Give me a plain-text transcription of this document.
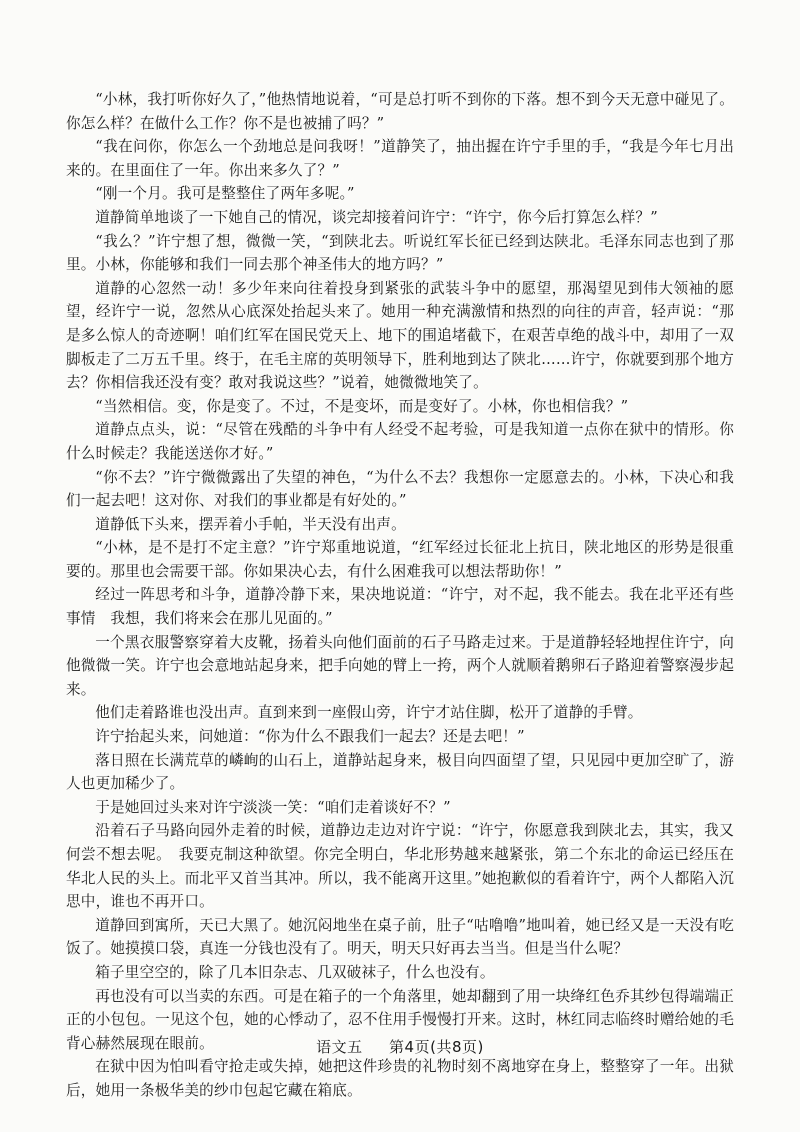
“小林，我打听你好久了，”他热情地说着，“可是总打听不到你的下落。想不到今天无意中碰见了。你怎么样？在做什么工作？你不是也被捕了吗？”

“我在问你，你怎么一个劲地总是问我呀！”道静笑了，抽出握在许宁手里的手，“我是今年七月出来的。在里面住了一年。你出来多久了？”

“刚一个月。我可是整整住了两年多呢。”

道静简单地谈了一下她自己的情况，谈完却接着问许宁：“许宁，你今后打算怎么样？”

“我么？”许宁想了想，微微一笑，“到陕北去。听说红军长征已经到达陕北。毛泽东同志也到了那里。小林，你能够和我们一同去那个神圣伟大的地方吗？”

道静的心忽然一动！多少年来向往着投身到紧张的武装斗争中的愿望，那渴望见到伟大领袖的愿望，经许宁一说，忽然从心底深处抬起头来了。她用一种充满激情和热烈的向往的声音，轻声说：“那是多么惊人的奇迹啊！咱们红军在国民党天上、地下的围追堵截下，在艰苦卓绝的战斗中，却用了一双脚板走了二万五千里。终于，在毛主席的英明领导下，胜利地到达了陕北……许宁，你就要到那个地方去？你相信我还没有变？敢对我说这些？”说着，她微微地笑了。

“当然相信。变，你是变了。不过，不是变坏，而是变好了。小林，你也相信我？”

道静点点头，说：“尽管在残酷的斗争中有人经受不起考验，可是我知道一点你在狱中的情形。你什么时候走？我能送送你才好。”

“你不去？”许宁微微露出了失望的神色，“为什么不去？我想你一定愿意去的。小林，下决心和我们一起去吧！这对你、对我们的事业都是有好处的。”

道静低下头来，摆弄着小手帕，半天没有出声。

“小林，是不是打不定主意？”许宁郑重地说道，“红军经过长征北上抗日，陕北地区的形势是很重要的。那里也会需要干部。你如果决心去，有什么困难我可以想法帮助你！”

经过一阵思考和斗争，道静冷静下来，果决地说道：“许宁，对不起，我不能去。我在北平还有些事情　我想，我们将来会在那儿见面的。”

一个黑衣服警察穿着大皮靴，扬着头向他们面前的石子马路走过来。于是道静轻轻地捏住许宁，向他微微一笑。许宁也会意地站起身来，把手向她的臂上一挎，两个人就顺着鹅卵石子路迎着警察漫步起来。

他们走着路谁也没出声。直到来到一座假山旁，许宁才站住脚，松开了道静的手臂。

许宁抬起头来，问她道：“你为什么不跟我们一起去？还是去吧！”

落日照在长满荒草的嶙峋的山石上，道静站起身来，极目向四面望了望，只见园中更加空旷了，游人也更加稀少了。

于是她回过头来对许宁淡淡一笑：“咱们走着谈好不？”

沿着石子马路向园外走着的时候，道静边走边对许宁说：“许宁，你愿意我到陕北去，其实，我又何尝不想去呢。　我要克制这种欲望。你完全明白，华北形势越来越紧张，第二个东北的命运已经压在华北人民的头上。而北平又首当其冲。所以，我不能离开这里。”她抱歉似的看着许宁，两个人都陷入沉思中，谁也不再开口。

道静回到寓所，天已大黑了。她沉闷地坐在桌子前，肚子“咕噜噜”地叫着，她已经又是一天没有吃饭了。她摸摸口袋，真连一分钱也没有了。明天，明天只好再去当当。但是当什么呢？

箱子里空空的，除了几本旧杂志、几双破袜子，什么也没有。

再也没有可以当卖的东西。可是在箱子的一个角落里，她却翻到了用一块绛红色乔其纱包得端端正正的小包包。一见这个包，她的心悸动了，忍不住用手慢慢打开来。这时，林红同志临终时赠给她的毛背心赫然展现在眼前。

在狱中因为怕叫看守抢走或失掉，她把这件珍贵的礼物时刻不离地穿在身上，整整穿了一年。出狱后，她用一条极华美的纱巾包起它藏在箱底。

语文五 第4页(共8页)
